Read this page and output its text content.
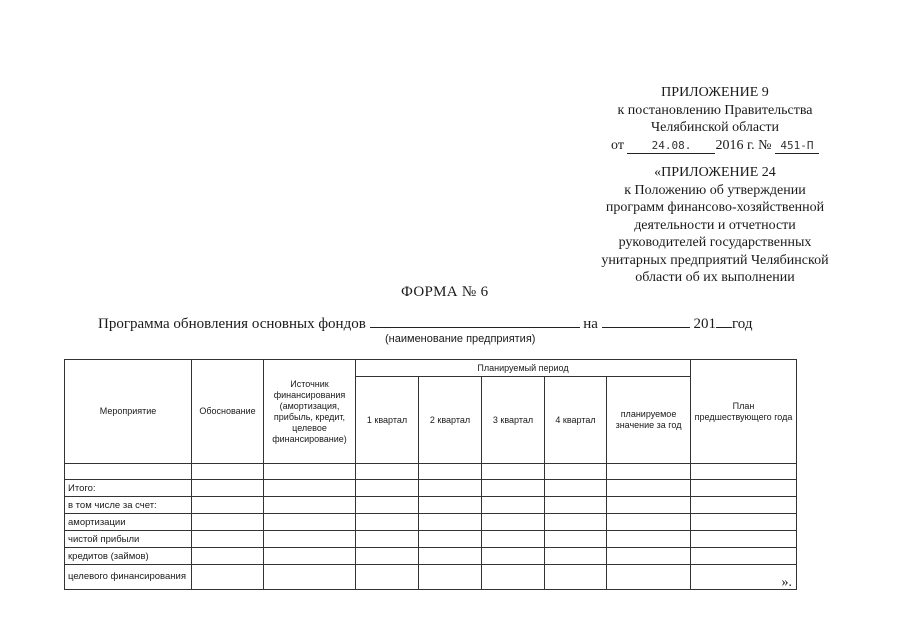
ПРИЛОЖЕНИЕ 9
к постановлению Правительства
Челябинской области
от	24.08. 2016 г. № 451-П
«ПРИЛОЖЕНИЕ 24
к Положению об утверждении
программ финансово-хозяйственной
деятельности и отчетности
руководителей государственных
унитарных предприятий Челябинской
области об их выполнении
ФОРМА № 6
Программа обновления основных фондов	на	201 год
(наименование предприятия)
Мероприятие	Обоснование	Источник финансирования (амортизация, прибыль, кредит, целевое финансирование)	Планируемый период					План предшествующего года
			1 квартал	2 квартал	3 квартал	4 квартал	планируемое значение за год	

Итого:								
в том числе за счет:								
амортизации								
чистой прибыли								
кредитов (займов)								
целевого финансирования								».
